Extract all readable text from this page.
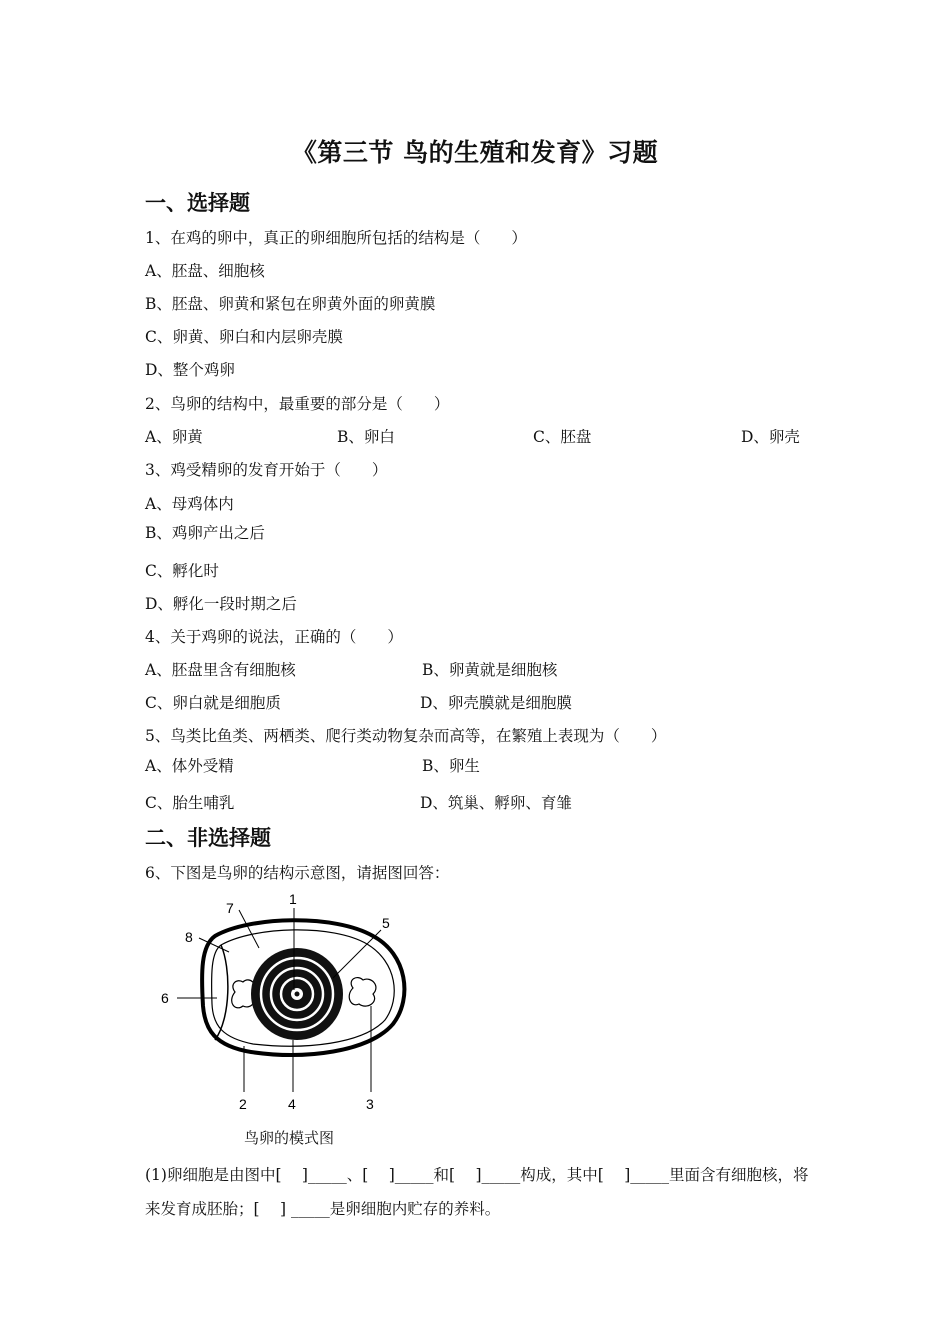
《第三节 鸟的生殖和发育》习题
一、选择题
1、在鸡的卵中，真正的卵细胞所包括的结构是（　　）
A、胚盘、细胞核
B、胚盘、卵黄和紧包在卵黄外面的卵黄膜
C、卵黄、卵白和内层卵壳膜
D、整个鸡卵
2、鸟卵的结构中，最重要的部分是（　　）
A、卵黄	B、卵白	C、胚盘	D、卵壳
3、鸡受精卵的发育开始于（　　）
A、母鸡体内
B、鸡卵产出之后
C、孵化时
D、孵化一段时期之后
4、关于鸡卵的说法，正确的（　　）
A、胚盘里含有细胞核	B、卵黄就是细胞核
C、卵白就是细胞质	D、卵壳膜就是细胞膜
5、鸟类比鱼类、两栖类、爬行类动物复杂而高等，在繁殖上表现为（　　）
A、体外受精	B、卵生
C、胎生哺乳	D、筑巢、孵卵、育雏
二、非选择题
6、下图是鸟卵的结构示意图，请据图回答：
1
2	3
4
5
6
7
8
鸟卵的模式图
(1)卵细胞是由图中[　 ]_____、[　 ]_____和[　 ]_____构成，其中[　 ]_____里面含有细胞核，将来发育成胚胎；[　 ] _____是卵细胞内贮存的养料。
